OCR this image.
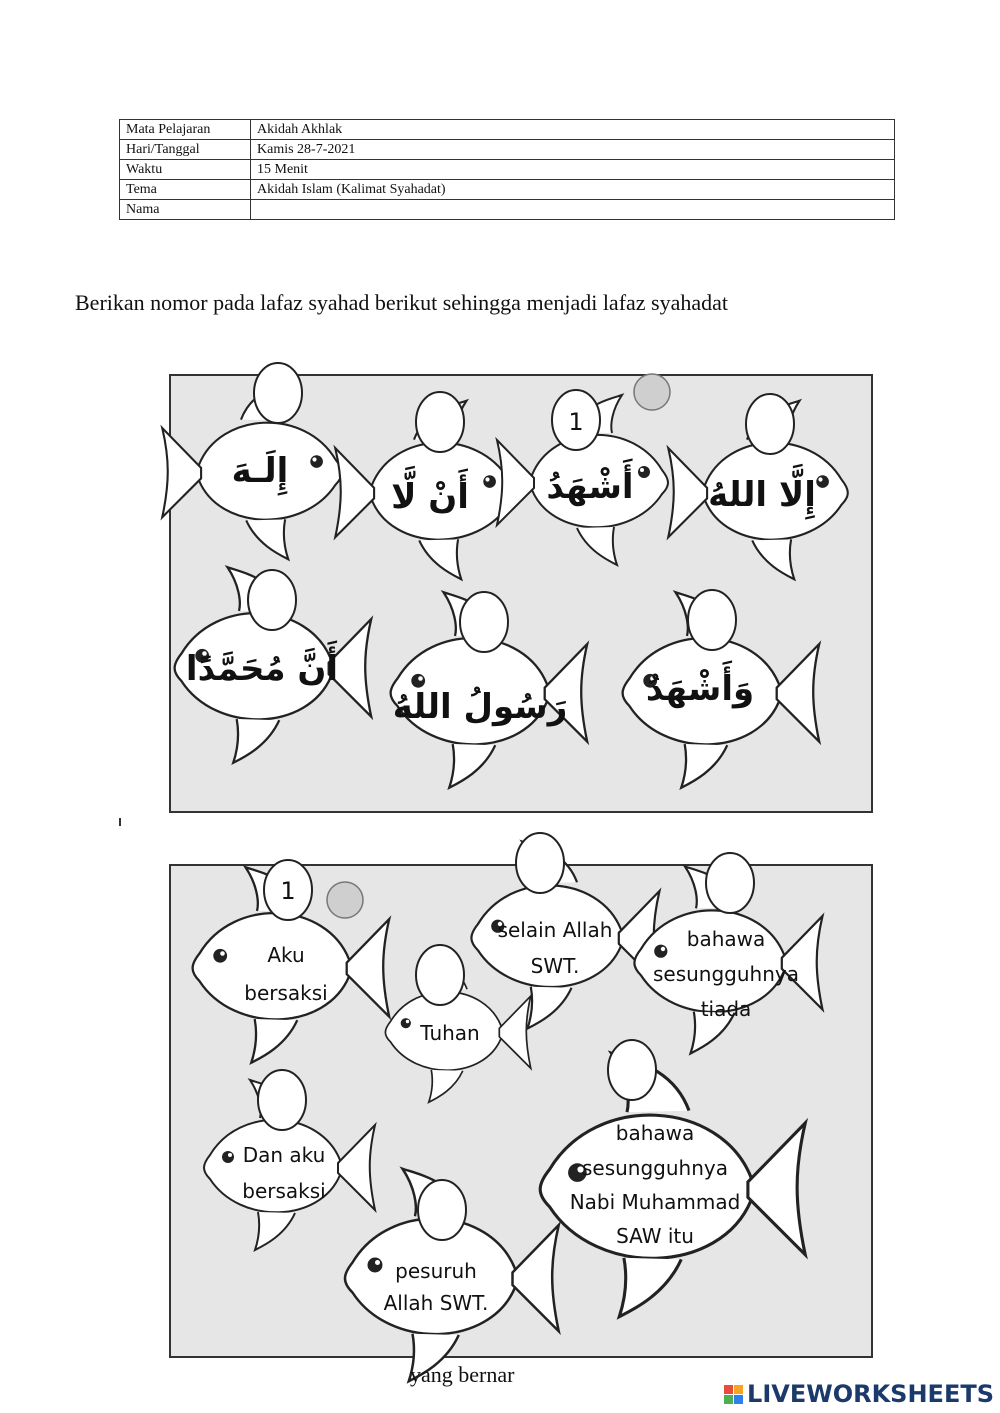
Mata Pelajaran	Akidah Akhlak
Hari/Tanggal	Kamis 28-7-2021
Waktu	15 Menit
Tema	Akidah Islam (Kalimat Syahadat)
Nama	
Berikan nomor pada lafaz syahad berikut sehingga menjadi lafaz syahadat
إِلَـهَ
أَنْ لَّا
1
أَشْهَدُ إِلَّا اللهُ
أَنَّ مُحَمَّدًا
رَسُولُ اللهُ وَأَشْهَدُ
1
Aku
bersaksi
selain Allah
SWT.
bahawa
sesungguhnya
tiada
Tuhan
Dan aku
bersaksi
bahawa
sesungguhnya
Nabi Muhammad
SAW itu
pesuruh
Allah SWT.
yang bernar
LIVEWORKSHEETS
